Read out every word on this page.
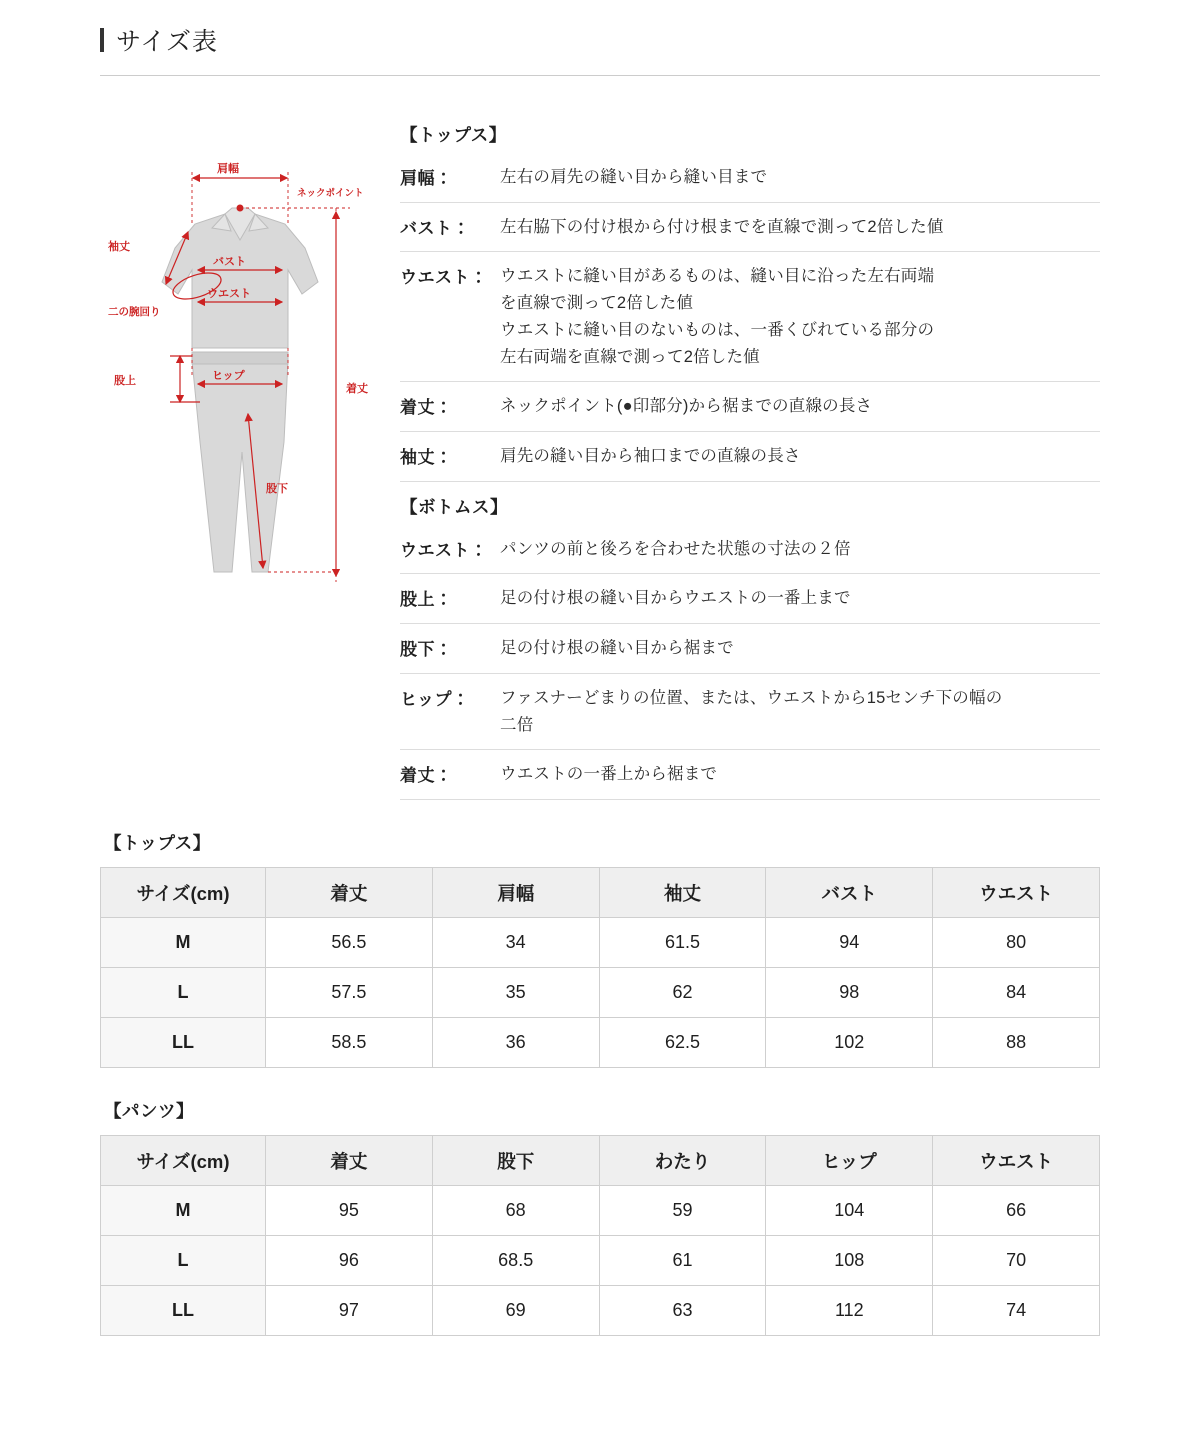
サイズ表
肩幅
ネックポイント
袖丈
バスト
ウエスト
二の腕回り
股上	ヒップ
着丈
股下
【トップス】
肩幅：	左右の肩先の縫い目から縫い目まで
バスト：	左右脇下の付け根から付け根までを直線で測って2倍した値
ウエスト： ウエストに縫い目があるものは、縫い目に沿った左右両端
を直線で測って2倍した値
ウエストに縫い目のないものは、一番くびれている部分の
左右両端を直線で測って2倍した値
着丈：	ネックポイント(●印部分)から裾までの直線の長さ
袖丈：	肩先の縫い目から袖口までの直線の長さ
【ボトムス】
ウエスト： パンツの前と後ろを合わせた状態の寸法の２倍
股上：	足の付け根の縫い目からウエストの一番上まで
股下：	足の付け根の縫い目から裾まで
ヒップ：	ファスナーどまりの位置、または、ウエストから15センチ下の幅の
二倍
着丈：	ウエストの一番上から裾まで
【トップス】
サイズ(cm)	着丈	肩幅	袖丈	バスト	ウエスト
M	56.5	34	61.5	94	80
L	57.5	35	62	98	84
LL	58.5	36	62.5	102	88
【パンツ】
サイズ(cm)	着丈	股下	わたり	ヒップ	ウエスト
M	95	68	59	104	66
L	96	68.5	61	108	70
LL	97	69	63	112	74
